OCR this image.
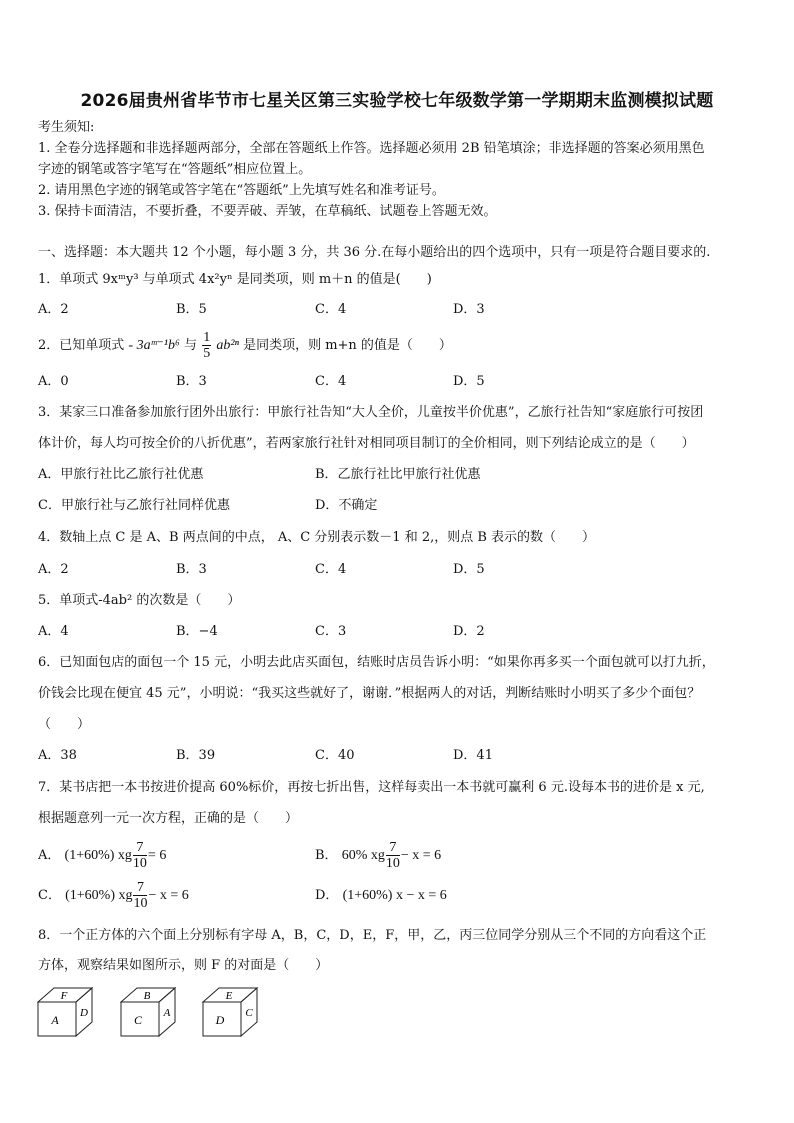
2026届贵州省毕节市七星关区第三实验学校七年级数学第一学期期末监测模拟试题
考生须知:
1. 全卷分选择题和非选择题两部分，全部在答题纸上作答。选择题必须用 2B 铅笔填涂；非选择题的答案必须用黑色
字迹的钢笔或答字笔写在“答题纸”相应位置上。
2. 请用黑色字迹的钢笔或答字笔在“答题纸”上先填写姓名和准考证号。
3. 保持卡面清洁，不要折叠，不要弄破、弄皱，在草稿纸、试题卷上答题无效。
一、选择题：本大题共 12 个小题，每小题 3 分，共 36 分.在每小题给出的四个选项中，只有一项是符合题目要求的.
1．单项式 9xᵐy³ 与单项式 4x²yⁿ 是同类项，则 m＋n 的值是(　　)
A．2	B．5	C．4	D．3
2．已知单项式 - 3aᵐ⁻¹b⁶ 与 $\frac{1}{5} ab^{2n}$ 是同类项，则 m+n 的值是（　　）
A．0	B．3	C．4	D．5
3．某家三口准备参加旅行团外出旅行：甲旅行社告知“大人全价，儿童按半价优惠”，乙旅行社告知“家庭旅行可按团
体计价，每人均可按全价的八折优惠”，若两家旅行社针对相同项目制订的全价相同，则下列结论成立的是（　　）
A．甲旅行社比乙旅行社优惠	B．乙旅行社比甲旅行社优惠
C．甲旅行社与乙旅行社同样优惠	D．不确定
4．数轴上点 C 是 A、B 两点间的中点， A、C 分别表示数－1 和 2,，则点 B 表示的数（　　）
A．2	B．3	C．4	D．5
5．单项式-4ab² 的次数是（　　）
A．4	B．−4	C．3	D．2
6．已知面包店的面包一个 15 元，小明去此店买面包，结账时店员告诉小明：“如果你再多买一个面包就可以打九折，
价钱会比现在便宜 45 元”，小明说：“我买这些就好了，谢谢．”根据两人的对话，判断结账时小明买了多少个面包？
（　　）
A．38	B．39	C．40	D．41
7．某书店把一本书按进价提高 60%标价，再按七折出售，这样每卖出一本书就可赢利 6 元.设每本书的进价是 x 元,
根据题意列一元一次方程，正确的是（　　）
A． (1+60%) xg $\frac{7}{10} = 6$	B． 60% xg $\frac{7}{10} - x = 6$
C． (1+60%) xg $\frac{7}{10} - x = 6$	D． (1+60%) x − x = 6
8．一个正方体的六个面上分别标有字母 A，B，C，D，E，F，甲，乙，丙三位同学分别从三个不同的方向看这个正
方体，观察结果如图所示，则 F 的对面是（　　）
F
A D
B
C A
E
D C
